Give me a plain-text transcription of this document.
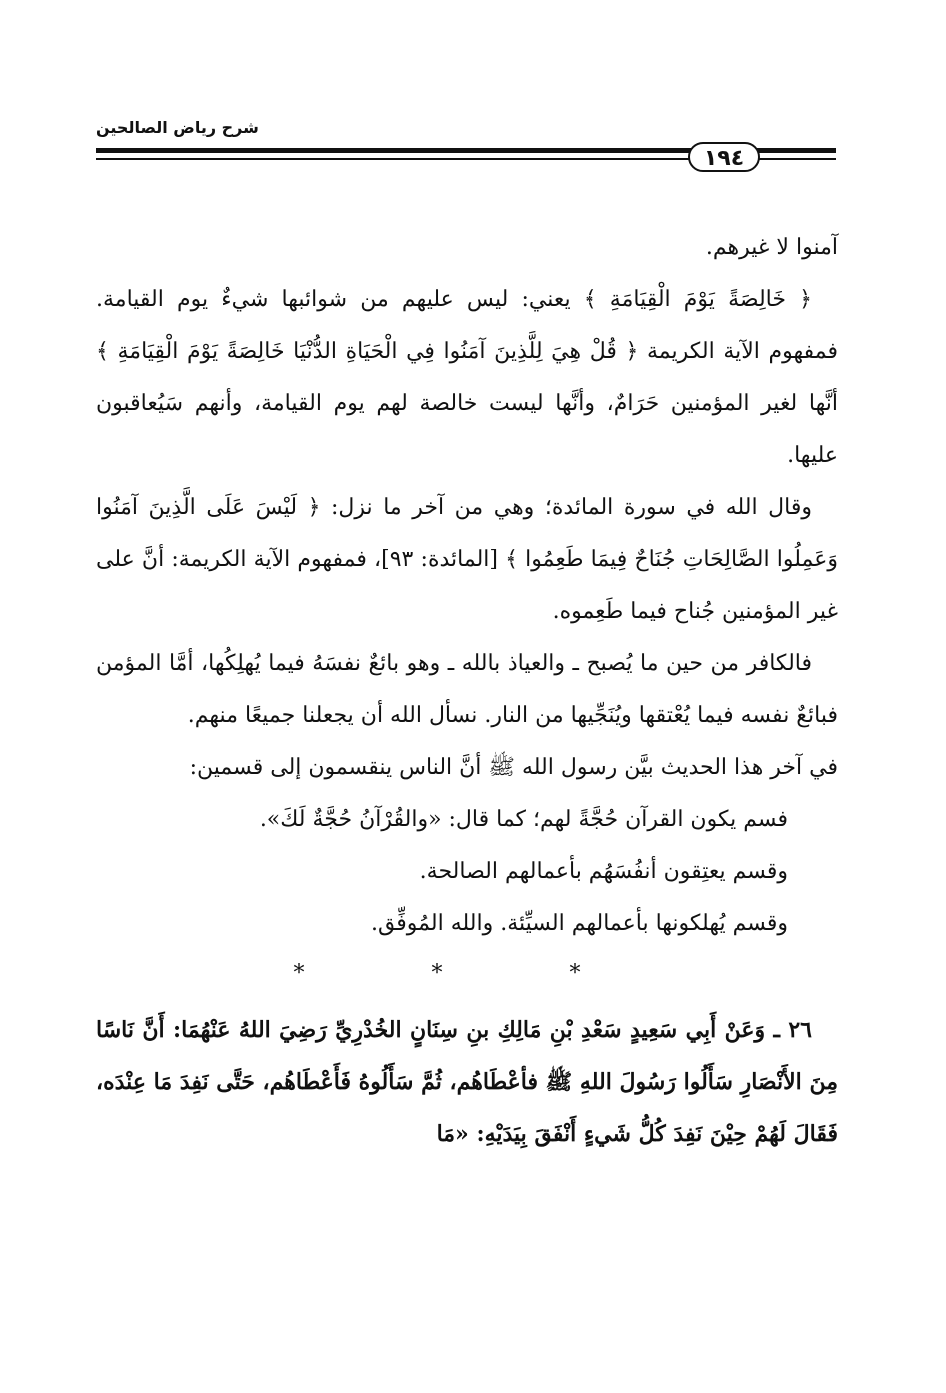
شرح رياض الصالحين
١٩٤

آمنوا لا غيرهم.

﴿ خَالِصَةً يَوْمَ الْقِيَامَةِ ﴾ يعني: ليس عليهم من شوائبها شيءٌ يوم القيامة. فمفهوم الآية الكريمة ﴿ قُلْ هِيَ لِلَّذِينَ آمَنُوا فِي الْحَيَاةِ الدُّنْيَا خَالِصَةً يَوْمَ الْقِيَامَةِ ﴾ أنَّها لغير المؤمنين حَرَامٌ، وأنَّها ليست خالصة لهم يوم القيامة، وأنهم سَيُعاقبون عليها.

وقال الله في سورة المائدة؛ وهي من آخر ما نزل: ﴿ لَيْسَ عَلَى الَّذِينَ آمَنُوا وَعَمِلُوا الصَّالِحَاتِ جُنَاحٌ فِيمَا طَعِمُوا ﴾ [المائدة: ٩٣]، فمفهوم الآية الكريمة: أنَّ على غير المؤمنين جُناح فيما طَعِموه.

فالكافر من حين ما يُصبح ـ والعياذ بالله ـ وهو بائعٌ نفسَهُ فيما يُهلِكُها، أمَّا المؤمن فبائعٌ نفسه فيما يُعْتقها ويُنَجِّيها من النار. نسأل الله أن يجعلنا جميعًا منهم.

في آخر هذا الحديث بيَّن رسول الله ﷺ أنَّ الناس ينقسمون إلى قسمين:

فسم يكون القرآن حُجَّةً لهم؛ كما قال: «والقُرْآنُ حُجَّةٌ لَكَ».

وقسم يعتِقون أنفُسَهُم بأعمالهم الصالحة.

وقسم يُهلكونها بأعمالهم السيِّئة. والله المُوفِّق.

* * *

٢٦ ـ وَعَنْ أَبِي سَعِيدٍ سَعْدِ بْنِ مَالِكِ بنِ سِنَانٍ الخُدْرِيِّ رَضِيَ اللهُ عَنْهُمَا: أَنَّ نَاسًا مِنَ الأَنْصَارِ سَأَلُوا رَسُولَ اللهِ ﷺ فأعْطَاهُم، ثُمَّ سَأَلُوهُ فَأَعْطَاهُم، حَتَّى نَفِدَ مَا عِنْدَه، فَقَالَ لَهُمْ حِيْنَ نَفِدَ كُلُّ شَيءٍ أَنْفَقَ بِيَدَيْهِ: «مَا
